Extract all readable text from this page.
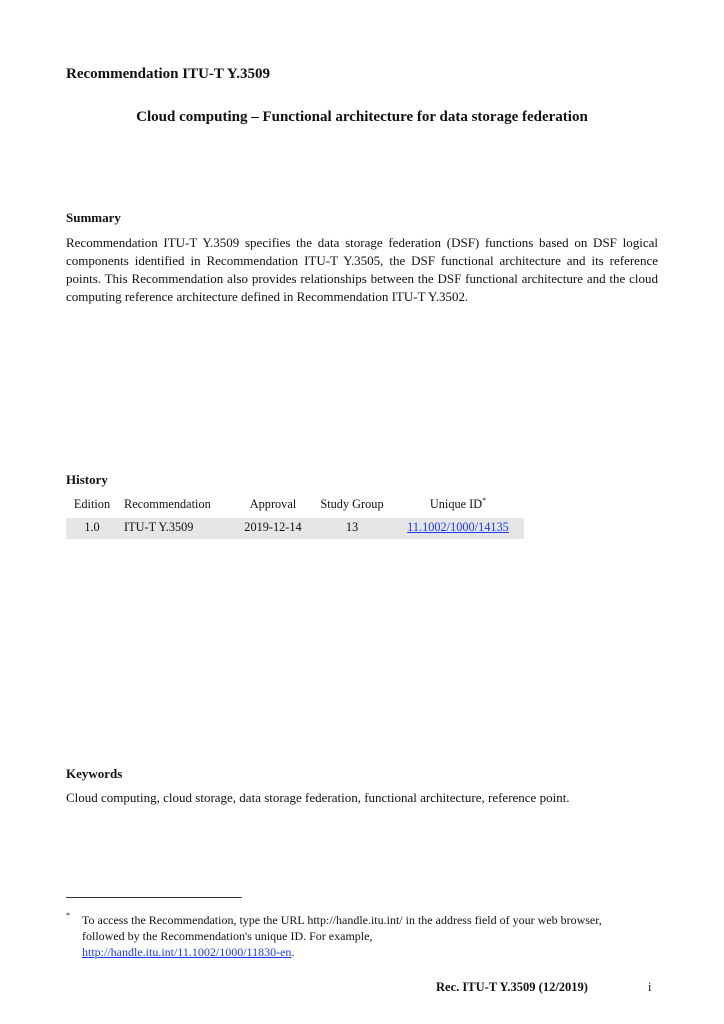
Recommendation ITU-T Y.3509
Cloud computing – Functional architecture for data storage federation
Summary
Recommendation ITU-T Y.3509 specifies the data storage federation (DSF) functions based on DSF logical components identified in Recommendation ITU-T Y.3505, the DSF functional architecture and its reference points. This Recommendation also provides relationships between the DSF functional architecture and the cloud computing reference architecture defined in Recommendation ITU-T Y.3502.
History
Edition	Recommendation	Approval	Study Group	Unique ID*
1.0	ITU-T Y.3509	2019-12-14	13	11.1002/1000/14135
Keywords
Cloud computing, cloud storage, data storage federation, functional architecture, reference point.
* To access the Recommendation, type the URL http://handle.itu.int/ in the address field of your web browser, followed by the Recommendation's unique ID. For example,
http://handle.itu.int/11.1002/1000/11830-en.
Rec. ITU-T Y.3509 (12/2019)	i
